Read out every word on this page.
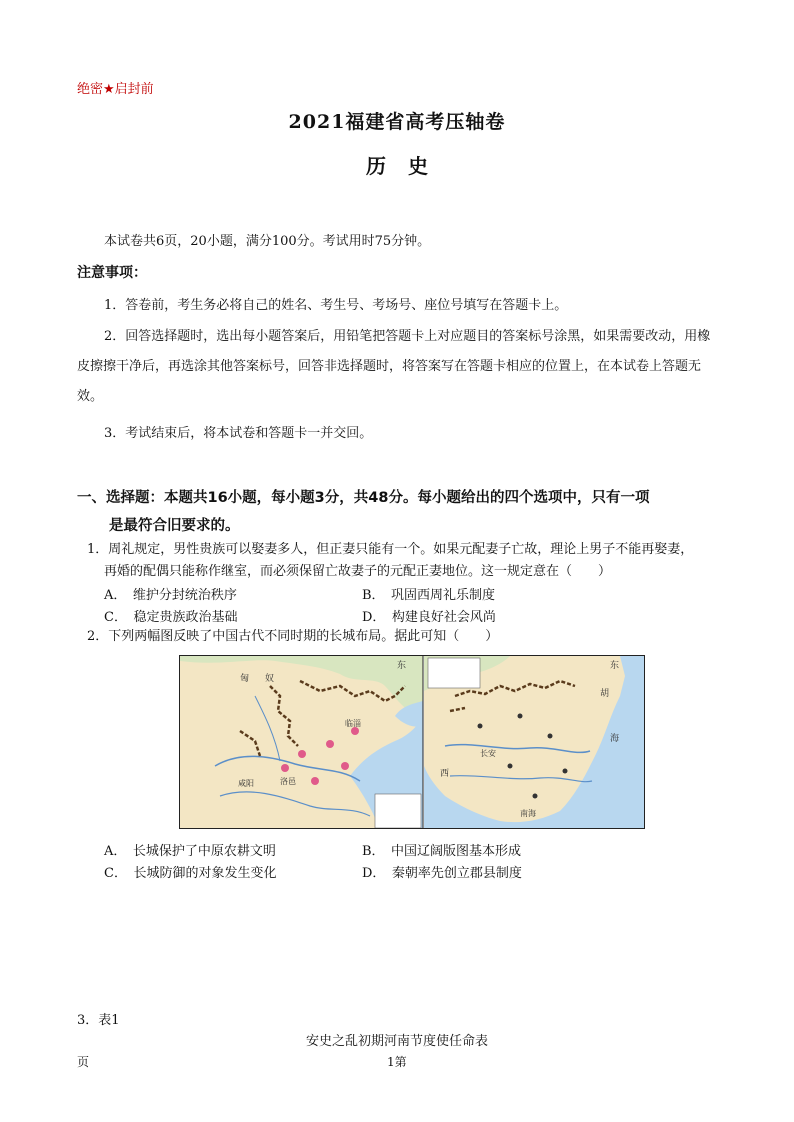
绝密★启封前
2021福建省高考压轴卷
历史
本试卷共6页，20小题，满分100分。考试用时75分钟。
注意事项：
1．答卷前，考生务必将自己的姓名、考生号、考场号、座位号填写在答题卡上。
2．回答选择题时，选出每小题答案后，用铅笔把答题卡上对应题目的答案标号涂黑，如果需要改动，用橡皮擦擦干净后，再选涂其他答案标号，回答非选择题时，将答案写在答题卡相应的位置上，在本试卷上答题无效。
3．考试结束后，将本试卷和答题卡一并交回。
一、选择题：本题共16小题，每小题3分，共48分。每小题给出的四个选项中，只有一项
是最符合旧要求的。
1．周礼规定，男性贵族可以娶妻多人，但正妻只能有一个。如果元配妻子亡故，理论上男子不能再娶妻，
再婚的配偶只能称作继室，而必须保留亡故妻子的元配正妻地位。这一规定意在（　　）
A．　维护分封统治秩序	B．　巩固西周礼乐制度
C．　稳定贵族政治基础	D．　构建良好社会风尚
2．下列两幅图反映了中国古代不同时期的长城布局。据此可知（　　）
东
匈 奴
咸阳	洛邑
临淄
东
胡
西
海
长安
南海
A．　长城保护了中原农耕文明	B．　中国辽阔版图基本形成
C．　长城防御的对象发生变化	D．　秦朝率先创立郡县制度
3．表1
安史之乱初期河南节度使任命表
页	1第
